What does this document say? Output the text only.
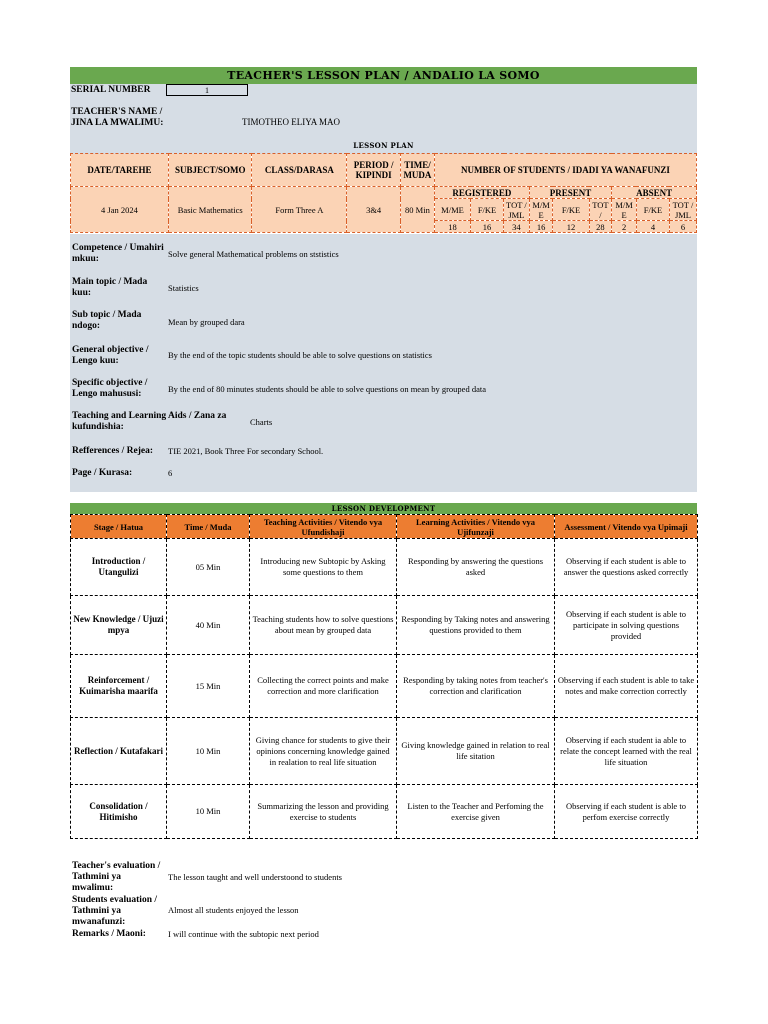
TEACHER'S LESSON PLAN / ANDALIO LA SOMO
SERIAL NUMBER	1
TEACHER'S NAME / JINA LA MWALIMU:	TIMOTHEO ELIYA MAO
LESSON PLAN
DATE/TAREHE	SUBJECT/SOMO	CLASS/DARASA	PERIOD / KIPINDI	TIME/ MUDA	NUMBER OF STUDENTS / IDADI YA WANAFUNZI								
4 Jan 2024	Basic Mathematics	Form Three A	3&4	80 Min	REGISTERED			PRESENT			ABSENT		
					M/ME	F/KE	TOT / JML	M/M E	F/KE	TOT /	M/M E	F/KE	TOT / JML
					18	16	34	16	12	28	2	4	6
Competence / Umahiri mkuu:	Solve general Mathematical problems on ststistics
Main topic / Mada kuu:	Statistics
Sub topic / Mada ndogo:	Mean by grouped dara
General objective / Lengo kuu:
By the end of the topic students should be able to solve questions on statistics
Specific objective / Lengo mahususi:	By the end of 80 minutes students should be able to solve questions on mean by grouped data
Teaching and Learning Aids / Zana za kufundishia:	Charts
Refferences / Rejea:	TIE 2021, Book Three For secondary School.
Page / Kurasa:	6
LESSON DEVELOPMENT
Stage / Hatua	Time / Muda	Teaching Activities / Vitendo vya Ufundishaji	Learning Activities / Vitendo vya Ujifunzaji	Assessment / Vitendo vya Upimaji
Introduction / Utangulizi	05 Min	Introducing new Subtopic by Asking some questions to them	Responding by answering the questions asked	Observing if each student is able to answer the questions asked correctly
New Knowledge / Ujuzi mpya	40 Min	Teaching students how to solve questions about mean by grouped data	Responding by Taking notes and answering questions provided to them	Observing if each student is able to participate in solving questions provided
Reinforcement / Kuimarisha maarifa	15 Min	Collecting the correct points and make correction and more clarification	Responding by taking notes from teacher's correction and clarification	Observing if each student is able to take notes and make correction correctly
Reflection / Kutafakari	10 Min	Giving chance for students to give their opinions concerning knowledge gained in realation to real life situation	Giving knowledge gained in relation to real life sitation	Observing if each student ia able to relate the concept learned with the real life situation
Consolidation / Hitimisho	10 Min	Summarizing the lesson and providing exercise to students	Listen to the Teacher and Perfoming the exercise given	Observing if each student is able to perfom exercise correctly
Teacher's evaluation / Tathmini ya mwalimu:
The lesson taught and well understoond to students
Students evaluation / Tathmini ya mwanafunzi:
Almost all students enjoyed the lesson
Remarks / Maoni:	I will continue with the subtopic next period
